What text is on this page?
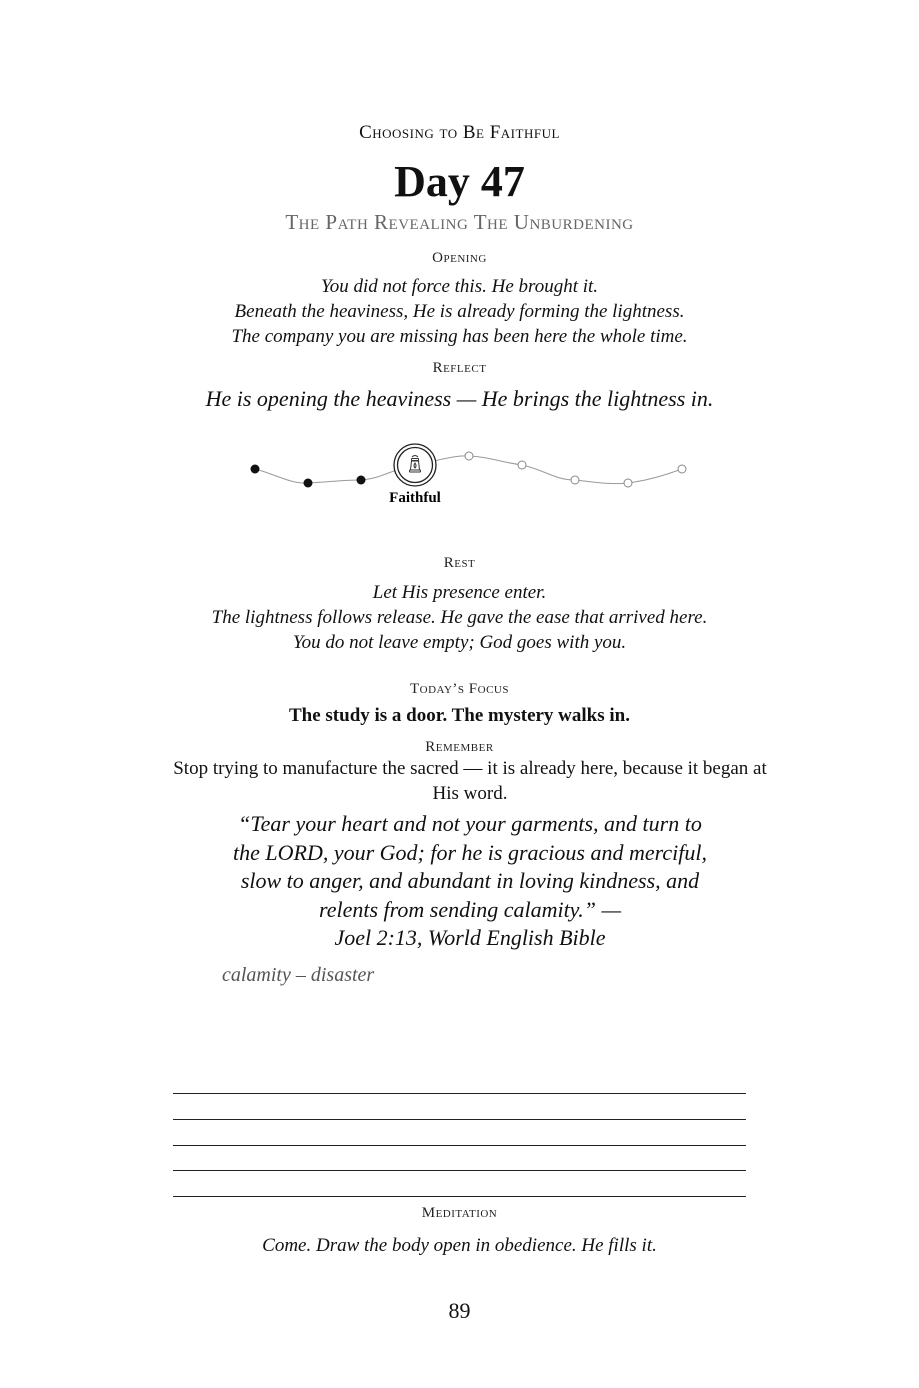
Choosing to Be Faithful
Day 47
The Path Revealing The Unburdening
Opening
You did not force this. He brought it.
Beneath the heaviness, He is already forming the lightness.
The company you are missing has been here the whole time.
Reflect
He is opening the heaviness — He brings the lightness in.
Faithful
Rest
Let His presence enter.
The lightness follows release. He gave the ease that arrived here.
You do not leave empty; God goes with you.
Today’s Focus
The study is a door. The mystery walks in.
Remember
Stop trying to manufacture the sacred — it is already here, because it began at His word.
“Tear your heart and not your garments, and turn to
the LORD, your God; for he is gracious and merciful,
slow to anger, and abundant in loving kindness, and
relents from sending calamity.” —
Joel 2:13, World English Bible
calamity – disaster
Meditation
Come. Draw the body open in obedience. He fills it.
89
